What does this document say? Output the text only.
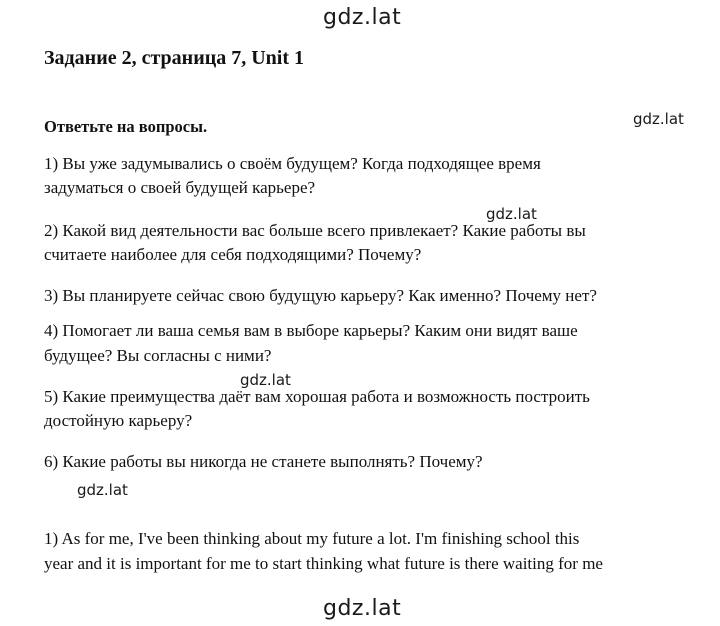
gdz.lat
Задание 2, страница 7, Unit 1
Ответьте на вопросы.	gdz.lat
1) Вы уже задумывались о своём будущем? Когда подходящее время
задуматься о своей будущей карьере?
2) Какой вид деятельности вас больше всего привлекает? Какие работы вы
считаете наиболее для себя подходящими? Почему?
gdz.lat
3) Вы планируете сейчас свою будущую карьеру? Как именно? Почему нет?
4) Помогает ли ваша семья вам в выборе карьеры? Каким они видят ваше
будущее? Вы согласны с ними?
5) Какие преимущества даёт вам хорошая работа и возможность построить
достойную карьеру?
gdz.lat
6) Какие работы вы никогда не станете выполнять? Почему?
gdz.lat
1) As for me, I've been thinking about my future a lot. I'm finishing school this
year and it is important for me to start thinking what future is there waiting for me
gdz.lat
